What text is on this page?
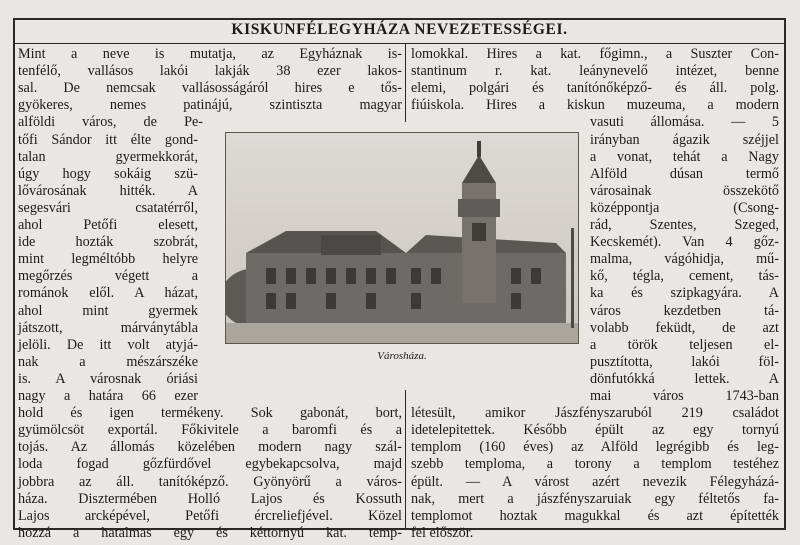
KISKUNFÉLEGYHÁZA NEVEZETESSÉGEI.
Mint a neve is mutatja, az Egyháznak is-
tenfélő, vallásos lakói lakják 38 ezer lakos-
sal. De nemcsak vallásosságáról hires e tős-
gyökeres, nemes patinájú, szintiszta magyar
alföldi város, de Pe-
tőfi Sándor itt élte gond-
talan gyermekkorát,
úgy hogy sokáig szü-
lővárosának hitték. A
segesvári csatatérről,
ahol Petőfi elesett,
ide hozták szobrát,
mint legméltóbb helyre
megőrzés végett a
románok elől. A házat,
ahol mint gyermek
játszott, márványtábla
jelöli. De itt volt atyjá-
nak a mészárszéke
is. A városnak óriási
nagy a határa 66 ezer
hold és igen termékeny. Sok gabonát, bort,
gyümölcsöt exportál. Főkivitele a baromfi és a
tojás. Az állomás közelében modern nagy szál-
loda fogad gőzfürdővel egybekapcsolva, majd
jobbra az áll. tanítóképző. Gyönyörű a város-
háza. Disztermében Holló Lajos és Kossuth
Lajos arcképével, Petőfi ércreliefjével. Közel
hozzá a hatalmas egy és kéttornyú kat. temp-
lomokkal. Hires a kat. főgimn., a Suszter Con-
stantinum r. kat. leánynevelő intézet, benne
elemi, polgári és tanítónőképző- és áll. polg.
fiúiskola. Hires a kiskun muzeuma, a modern
vasuti állomása. — 5
irányban ágazik széjjel
a vonat, tehát a Nagy
Alföld dúsan termő
városainak összekötő
középpontja (Csong-
rád, Szentes, Szeged,
Kecskemét). Van 4 gőz-
malma, vágóhidja, mű-
kő, tégla, cement, tás-
ka és szipkagyára. A
város kezdetben tá-
volabb feküdt, de azt
a török teljesen el-
pusztította, lakói föl-
dönfutókká lettek. A
mai város 1743-ban
létesült, amikor Jászfényszaruból 219 családot
idetelepitettek. Később épült az egy tornyú
templom (160 éves) az Alföld legrégibb és leg-
szebb temploma, a torony a templom testéhez
épült. — A várost azért nevezik Félegyházá-
nak, mert a jászfényszaruiak egy féltetős fa-
templomot hoztak magukkal és azt építették
fel először.
Városháza.
